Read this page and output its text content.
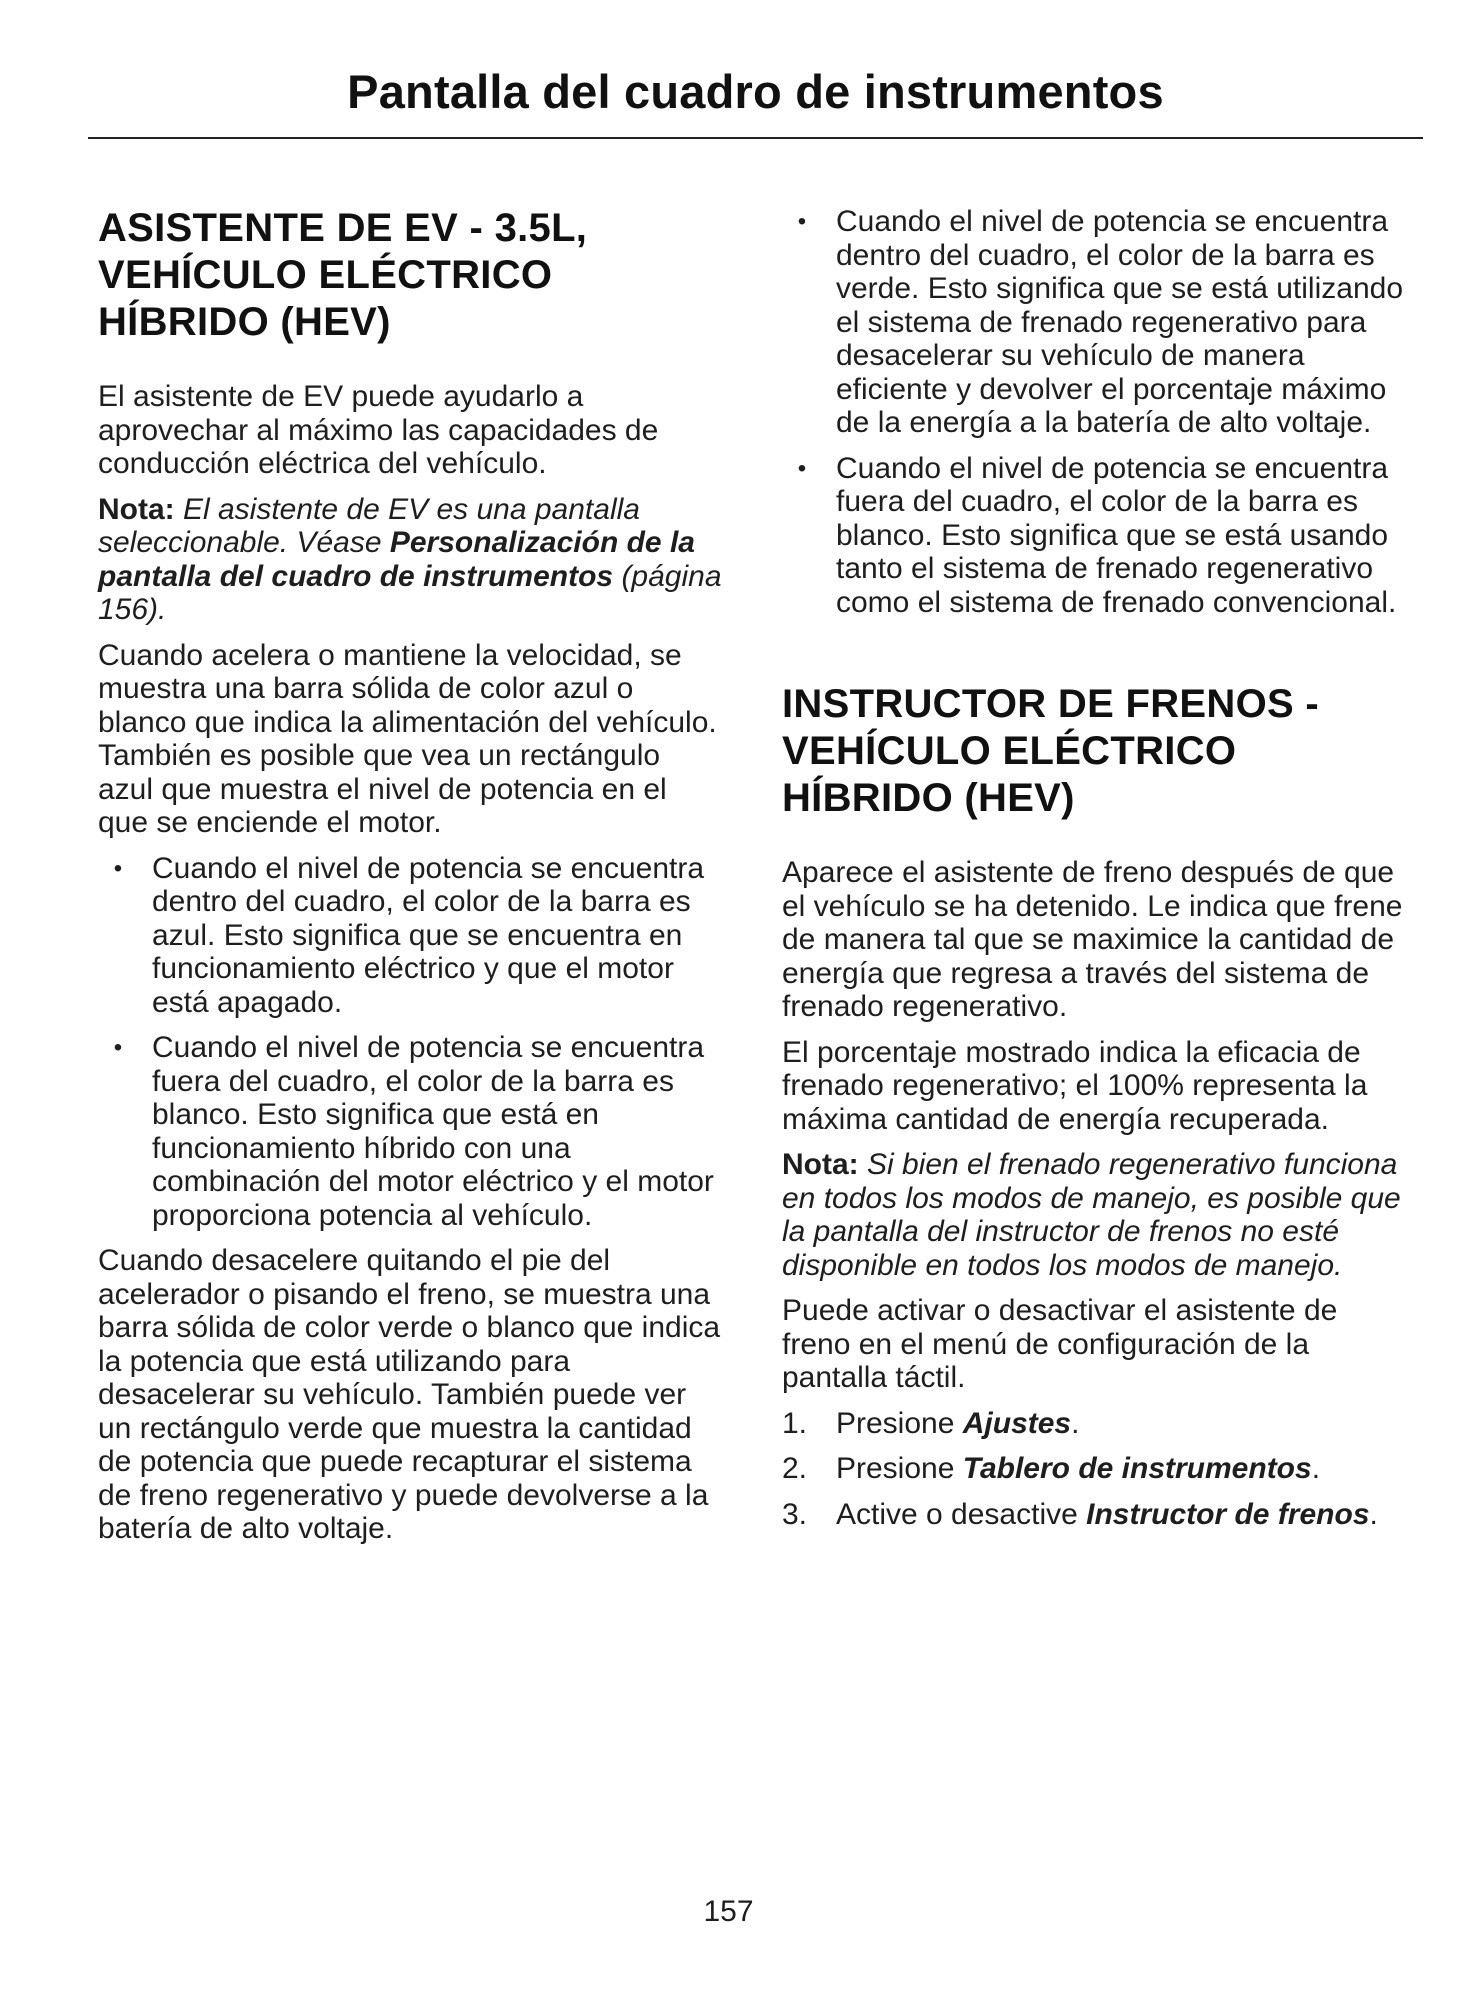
Pantalla del cuadro de instrumentos
ASISTENTE DE EV - 3.5L, VEHÍCULO ELÉCTRICO HÍBRIDO (HEV)

El asistente de EV puede ayudarlo a aprovechar al máximo las capacidades de conducción eléctrica del vehículo.

Nota: El asistente de EV es una pantalla seleccionable. Véase Personalización de la pantalla del cuadro de instrumentos (página 156).

Cuando acelera o mantiene la velocidad, se muestra una barra sólida de color azul o blanco que indica la alimentación del vehículo. También es posible que vea un rectángulo azul que muestra el nivel de potencia en el que se enciende el motor.

• Cuando el nivel de potencia se encuentra dentro del cuadro, el color de la barra es azul. Esto significa que se encuentra en funcionamiento eléctrico y que el motor está apagado.
• Cuando el nivel de potencia se encuentra fuera del cuadro, el color de la barra es blanco. Esto significa que está en funcionamiento híbrido con una combinación del motor eléctrico y el motor proporciona potencia al vehículo.

Cuando desacelere quitando el pie del acelerador o pisando el freno, se muestra una barra sólida de color verde o blanco que indica la potencia que está utilizando para desacelerar su vehículo. También puede ver un rectángulo verde que muestra la cantidad de potencia que puede recapturar el sistema de freno regenerativo y puede devolverse a la batería de alto voltaje.

• Cuando el nivel de potencia se encuentra dentro del cuadro, el color de la barra es verde. Esto significa que se está utilizando el sistema de frenado regenerativo para desacelerar su vehículo de manera eficiente y devolver el porcentaje máximo de la energía a la batería de alto voltaje.
• Cuando el nivel de potencia se encuentra fuera del cuadro, el color de la barra es blanco. Esto significa que se está usando tanto el sistema de frenado regenerativo como el sistema de frenado convencional.
INSTRUCTOR DE FRENOS - VEHÍCULO ELÉCTRICO HÍBRIDO (HEV)

Aparece el asistente de freno después de que el vehículo se ha detenido. Le indica que frene de manera tal que se maximice la cantidad de energía que regresa a través del sistema de frenado regenerativo.

El porcentaje mostrado indica la eficacia de frenado regenerativo; el 100% representa la máxima cantidad de energía recuperada.

Nota: Si bien el frenado regenerativo funciona en todos los modos de manejo, es posible que la pantalla del instructor de frenos no esté disponible en todos los modos de manejo.

Puede activar o desactivar el asistente de freno en el menú de configuración de la pantalla táctil.

1. Presione Ajustes.
2. Presione Tablero de instrumentos.
3. Active o desactive Instructor de frenos.
157
